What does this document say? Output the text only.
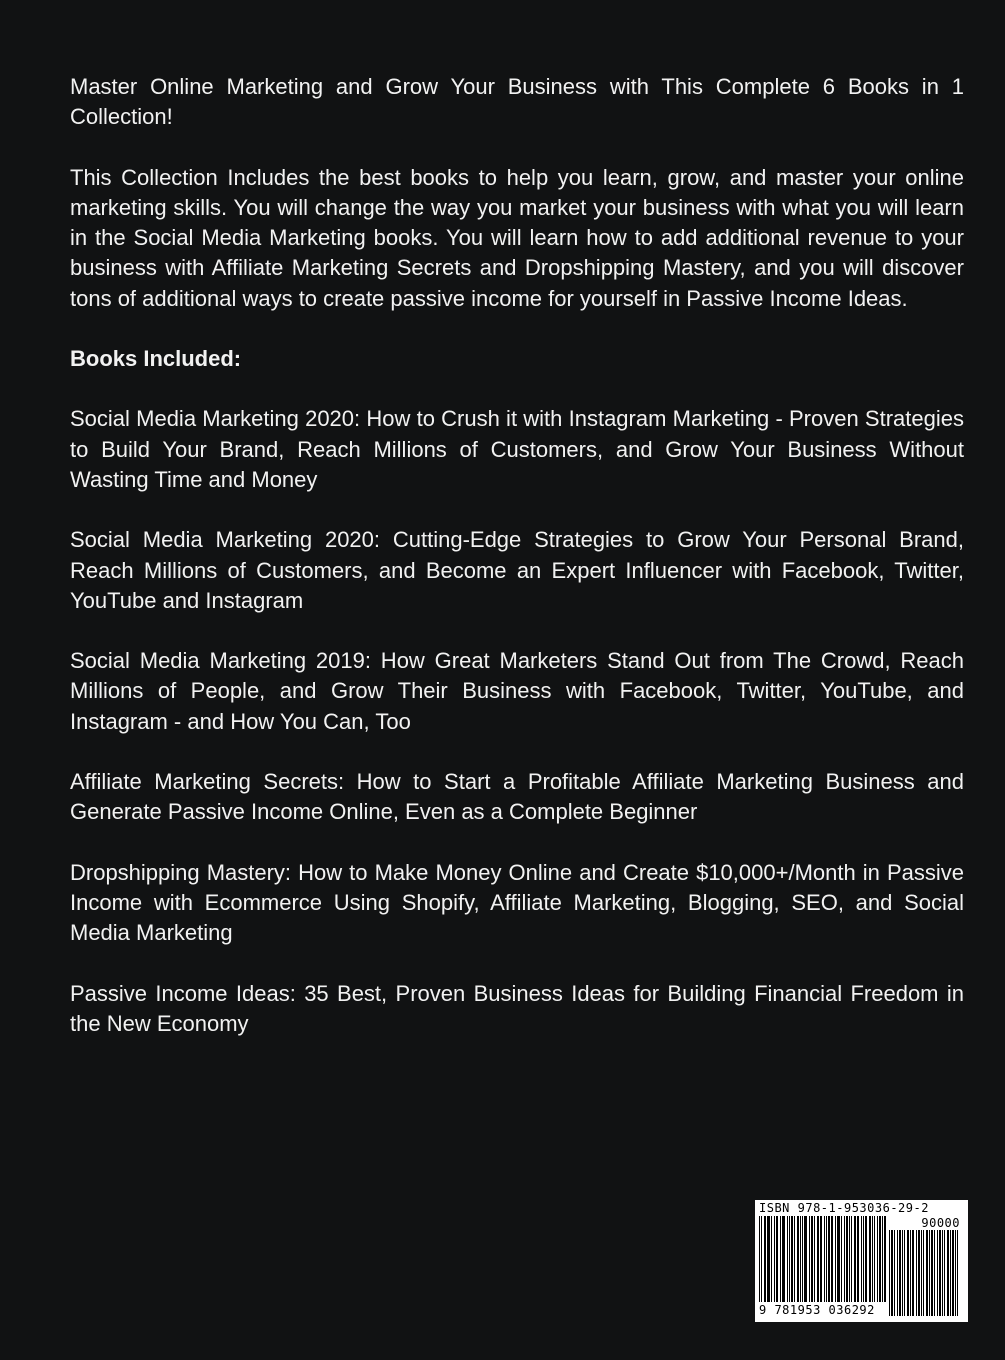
Master Online Marketing and Grow Your Business with This Complete 6 Books in 1 Collection!

This Collection Includes the best books to help you learn, grow, and master your online marketing skills. You will change the way you market your business with what you will learn in the Social Media Marketing books. You will learn how to add additional revenue to your business with Affiliate Marketing Secrets and Dropshipping Mastery, and you will discover tons of additional ways to create passive income for yourself in Passive Income Ideas.

Books Included:

Social Media Marketing 2020: How to Crush it with Instagram Marketing - Proven Strategies to Build Your Brand, Reach Millions of Customers, and Grow Your Business Without Wasting Time and Money

Social Media Marketing 2020: Cutting-Edge Strategies to Grow Your Personal Brand, Reach Millions of Customers, and Become an Expert Influencer with Facebook, Twitter, YouTube and Instagram

Social Media Marketing 2019: How Great Marketers Stand Out from The Crowd, Reach Millions of People, and Grow Their Business with Facebook, Twitter, YouTube, and Instagram - and How You Can, Too

Affiliate Marketing Secrets: How to Start a Profitable Affiliate Marketing Business and Generate Passive Income Online, Even as a Complete Beginner

Dropshipping Mastery: How to Make Money Online and Create $10,000+/Month in Passive Income with Ecommerce Using Shopify, Affiliate Marketing, Blogging, SEO, and Social Media Marketing

Passive Income Ideas: 35 Best, Proven Business Ideas for Building Financial Freedom in the New Economy

ISBN 978-1-953036-29-2
90000
9 781953 036292
